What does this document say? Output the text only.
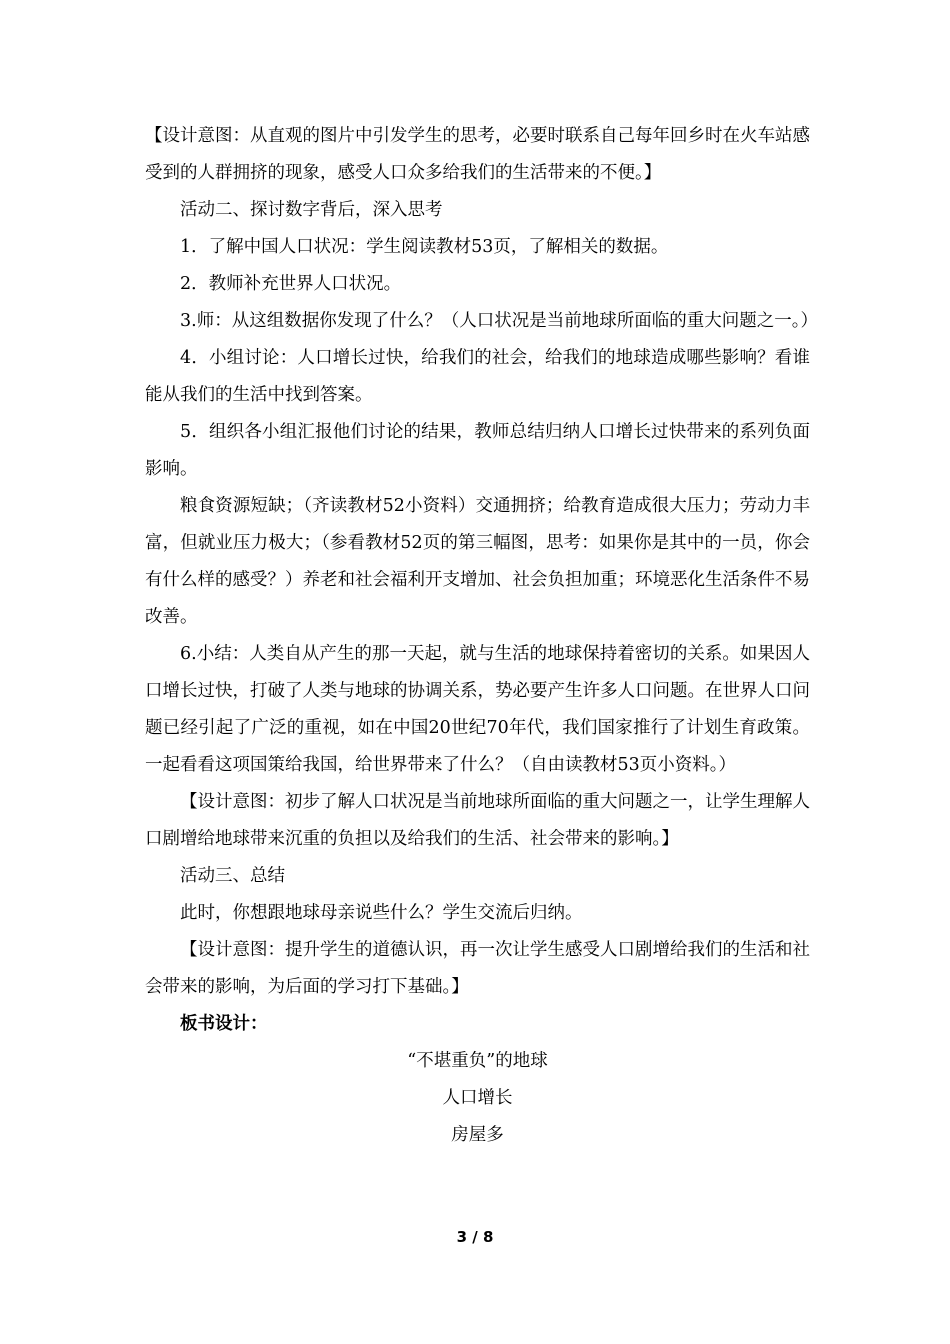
【设计意图：从直观的图片中引发学生的思考，必要时联系自己每年回乡时在火车站感受到的人群拥挤的现象，感受人口众多给我们的生活带来的不便。】

活动二、探讨数字背后，深入思考

1．了解中国人口状况：学生阅读教材53页，了解相关的数据。

2．教师补充世界人口状况。

3.师：从这组数据你发现了什么？（人口状况是当前地球所面临的重大问题之一。）

4．小组讨论：人口增长过快，给我们的社会，给我们的地球造成哪些影响？看谁能从我们的生活中找到答案。

5．组织各小组汇报他们讨论的结果，教师总结归纳人口增长过快带来的系列负面影响。

粮食资源短缺；（齐读教材52小资料）交通拥挤；给教育造成很大压力；劳动力丰富，但就业压力极大；（参看教材52页的第三幅图，思考：如果你是其中的一员，你会有什么样的感受？）养老和社会福利开支增加、社会负担加重；环境恶化生活条件不易改善。

6.小结：人类自从产生的那一天起，就与生活的地球保持着密切的关系。如果因人口增长过快，打破了人类与地球的协调关系，势必要产生许多人口问题。在世界人口问题已经引起了广泛的重视，如在中国20世纪70年代，我们国家推行了计划生育政策。一起看看这项国策给我国，给世界带来了什么？（自由读教材53页小资料。）

【设计意图：初步了解人口状况是当前地球所面临的重大问题之一，让学生理解人口剧增给地球带来沉重的负担以及给我们的生活、社会带来的影响。】

活动三、总结

此时，你想跟地球母亲说些什么？学生交流后归纳。

【设计意图：提升学生的道德认识，再一次让学生感受人口剧增给我们的生活和社会带来的影响，为后面的学习打下基础。】

板书设计：

“不堪重负”的地球

人口增长

房屋多

3 / 8
